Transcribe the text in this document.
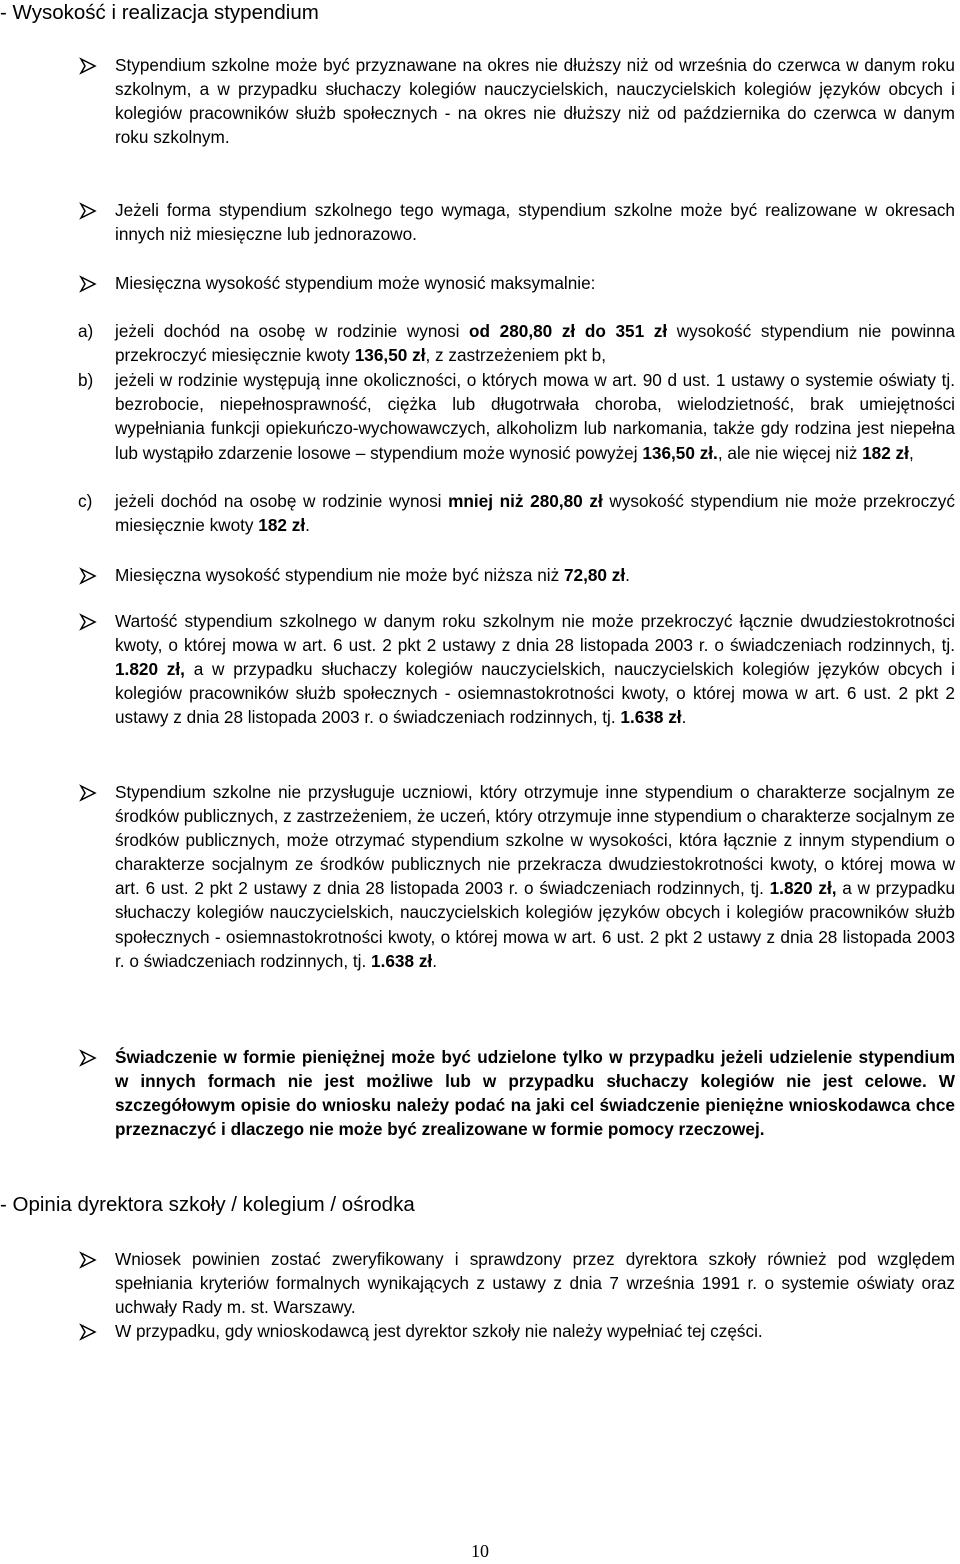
- Wysokość i realizacja stypendium

Stypendium szkolne może być przyznawane na okres nie dłuższy niż od września do czerwca w danym roku szkolnym, a w przypadku słuchaczy kolegiów nauczycielskich, nauczycielskich kolegiów języków obcych i kolegiów pracowników służb społecznych - na okres nie dłuższy niż od października do czerwca w danym roku szkolnym.

Jeżeli forma stypendium szkolnego tego wymaga, stypendium szkolne może być realizowane w okresach innych niż miesięczne lub jednorazowo.

Miesięczna wysokość stypendium może wynosić maksymalnie:

a) jeżeli dochód na osobę w rodzinie wynosi od 280,80 zł do 351 zł wysokość stypendium nie powinna przekroczyć miesięcznie kwoty 136,50 zł, z zastrzeżeniem pkt b,

b) jeżeli w rodzinie występują inne okoliczności, o których mowa w art. 90 d ust. 1 ustawy o systemie oświaty tj. bezrobocie, niepełnosprawność, ciężka lub długotrwała choroba, wielodzietność, brak umiejętności wypełniania funkcji opiekuńczo-wychowawczych, alkoholizm lub narkomania, także gdy rodzina jest niepełna lub wystąpiło zdarzenie losowe – stypendium może wynosić powyżej 136,50 zł., ale nie więcej niż 182 zł,

c) jeżeli dochód na osobę w rodzinie wynosi mniej niż 280,80 zł wysokość stypendium nie może przekroczyć miesięcznie kwoty 182 zł.

Miesięczna wysokość stypendium nie może być niższa niż 72,80 zł.

Wartość stypendium szkolnego w danym roku szkolnym nie może przekroczyć łącznie dwudziestokrotności kwoty, o której mowa w art. 6 ust. 2 pkt 2 ustawy z dnia 28 listopada 2003 r. o świadczeniach rodzinnych, tj. 1.820 zł, a w przypadku słuchaczy kolegiów nauczycielskich, nauczycielskich kolegiów języków obcych i kolegiów pracowników służb społecznych - osiemnastokrotności kwoty, o której mowa w art. 6 ust. 2 pkt 2 ustawy z dnia 28 listopada 2003 r. o świadczeniach rodzinnych, tj. 1.638 zł.

Stypendium szkolne nie przysługuje uczniowi, który otrzymuje inne stypendium o charakterze socjalnym ze środków publicznych, z zastrzeżeniem, że uczeń, który otrzymuje inne stypendium o charakterze socjalnym ze środków publicznych, może otrzymać stypendium szkolne w wysokości, która łącznie z innym stypendium o charakterze socjalnym ze środków publicznych nie przekracza dwudziestokrotności kwoty, o której mowa w art. 6 ust. 2 pkt 2 ustawy z dnia 28 listopada 2003 r. o świadczeniach rodzinnych, tj. 1.820 zł, a w przypadku słuchaczy kolegiów nauczycielskich, nauczycielskich kolegiów języków obcych i kolegiów pracowników służb społecznych - osiemnastokrotności kwoty, o której mowa w art. 6 ust. 2 pkt 2 ustawy z dnia 28 listopada 2003 r. o świadczeniach rodzinnych, tj. 1.638 zł.

Świadczenie w formie pieniężnej może być udzielone tylko w przypadku jeżeli udzielenie stypendium w innych formach nie jest możliwe lub w przypadku słuchaczy kolegiów nie jest celowe. W szczegółowym opisie do wniosku należy podać na jaki cel świadczenie pieniężne wnioskodawca chce przeznaczyć i dlaczego nie może być zrealizowane w formie pomocy rzeczowej.

- Opinia dyrektora szkoły / kolegium / ośrodka

Wniosek powinien zostać zweryfikowany i sprawdzony przez dyrektora szkoły również pod względem spełniania kryteriów formalnych wynikających z ustawy z dnia 7 września 1991 r. o systemie oświaty oraz uchwały Rady m. st. Warszawy.

W przypadku, gdy wnioskodawcą jest dyrektor szkoły nie należy wypełniać tej części.

10
